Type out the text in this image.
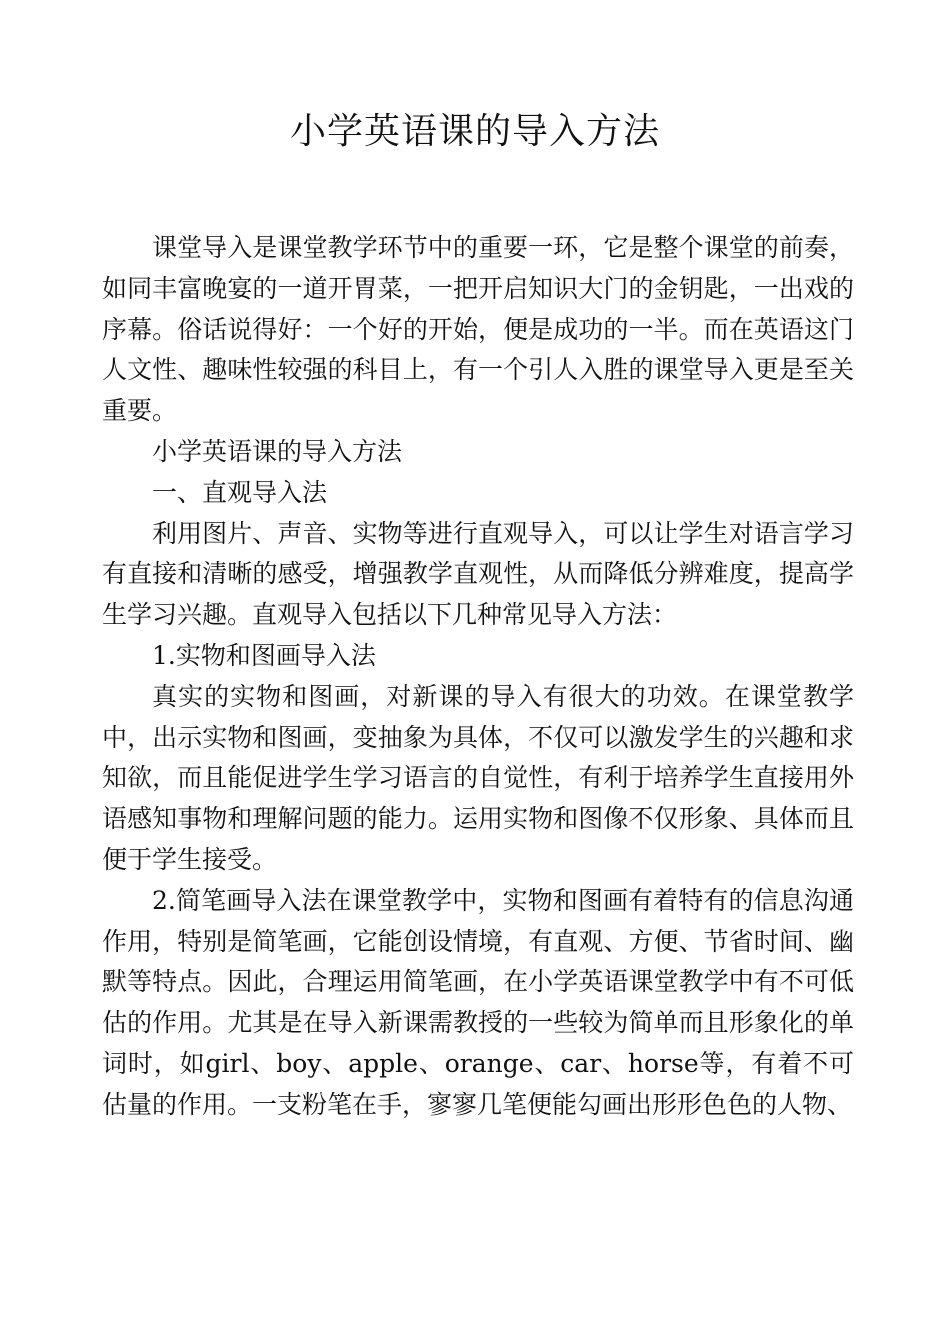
小学英语课的导入方法

课堂导入是课堂教学环节中的重要一环，它是整个课堂的前奏，如同丰富晚宴的一道开胃菜，一把开启知识大门的金钥匙，一出戏的序幕。俗话说得好：一个好的开始，便是成功的一半。而在英语这门人文性、趣味性较强的科目上，有一个引人入胜的课堂导入更是至关重要。

小学英语课的导入方法

一、直观导入法

利用图片、声音、实物等进行直观导入，可以让学生对语言学习有直接和清晰的感受，增强教学直观性，从而降低分辨难度，提高学生学习兴趣。直观导入包括以下几种常见导入方法：

1.实物和图画导入法

真实的实物和图画，对新课的导入有很大的功效。在课堂教学中，出示实物和图画，变抽象为具体，不仅可以激发学生的兴趣和求知欲，而且能促进学生学习语言的自觉性，有利于培养学生直接用外语感知事物和理解问题的能力。运用实物和图像不仅形象、具体而且便于学生接受。

2.简笔画导入法在课堂教学中，实物和图画有着特有的信息沟通作用，特别是简笔画，它能创设情境，有直观、方便、节省时间、幽默等特点。因此，合理运用简笔画，在小学英语课堂教学中有不可低估的作用。尤其是在导入新课需教授的一些较为简单而且形象化的单词时，如girl、boy、apple、orange、car、horse等，有着不可估量的作用。一支粉笔在手，寥寥几笔便能勾画出形形色色的人物、
